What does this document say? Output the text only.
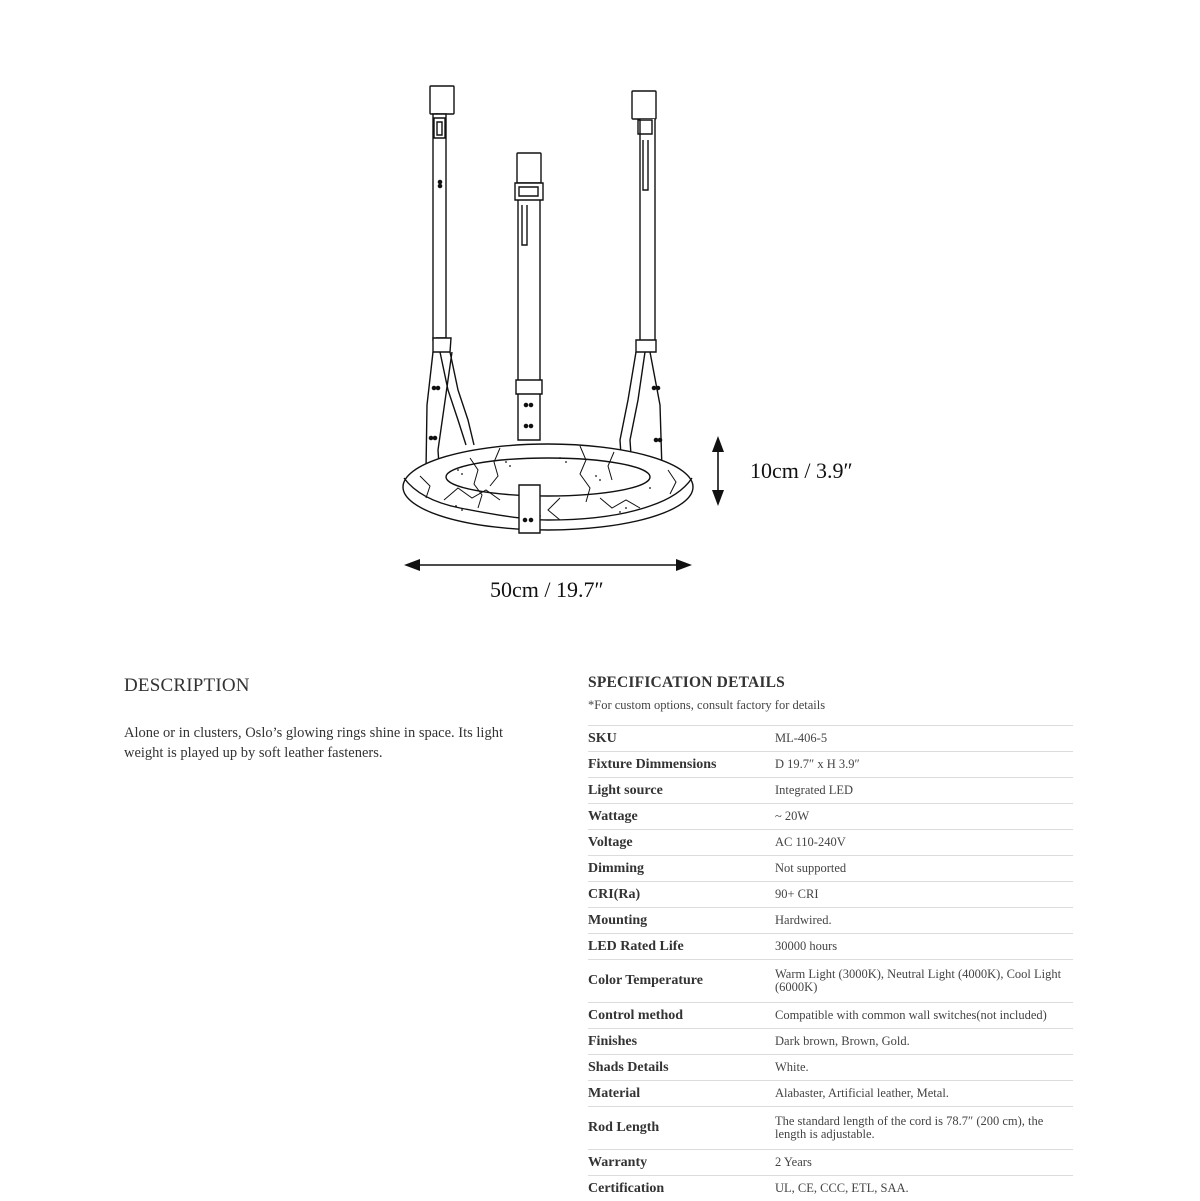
10cm / 3.9″
50cm / 19.7″
DESCRIPTION

Alone or in clusters, Oslo’s glowing rings shine in space. Its light weight is played up by soft leather fasteners.

SPECIFICATION DETAILS
*For custom options, consult factory for details
SKU	ML-406-5
Fixture Dimmensions	D 19.7″ x H 3.9″
Light source	Integrated LED
Wattage	~ 20W
Voltage	AC 110-240V
Dimming	Not supported
CRI(Ra)	90+ CRI
Mounting	Hardwired.
LED Rated Life	30000 hours
Color Temperature	Warm Light (3000K), Neutral Light (4000K), Cool Light (6000K)
Control method	Compatible with common wall switches(not included)
Finishes	Dark brown, Brown, Gold.
Shads Details	White.
Material	Alabaster, Artificial leather, Metal.
Rod Length	The standard length of the cord is 78.7″ (200 cm), the length is adjustable.
Warranty	2 Years
Certification	UL, CE, CCC, ETL, SAA.
